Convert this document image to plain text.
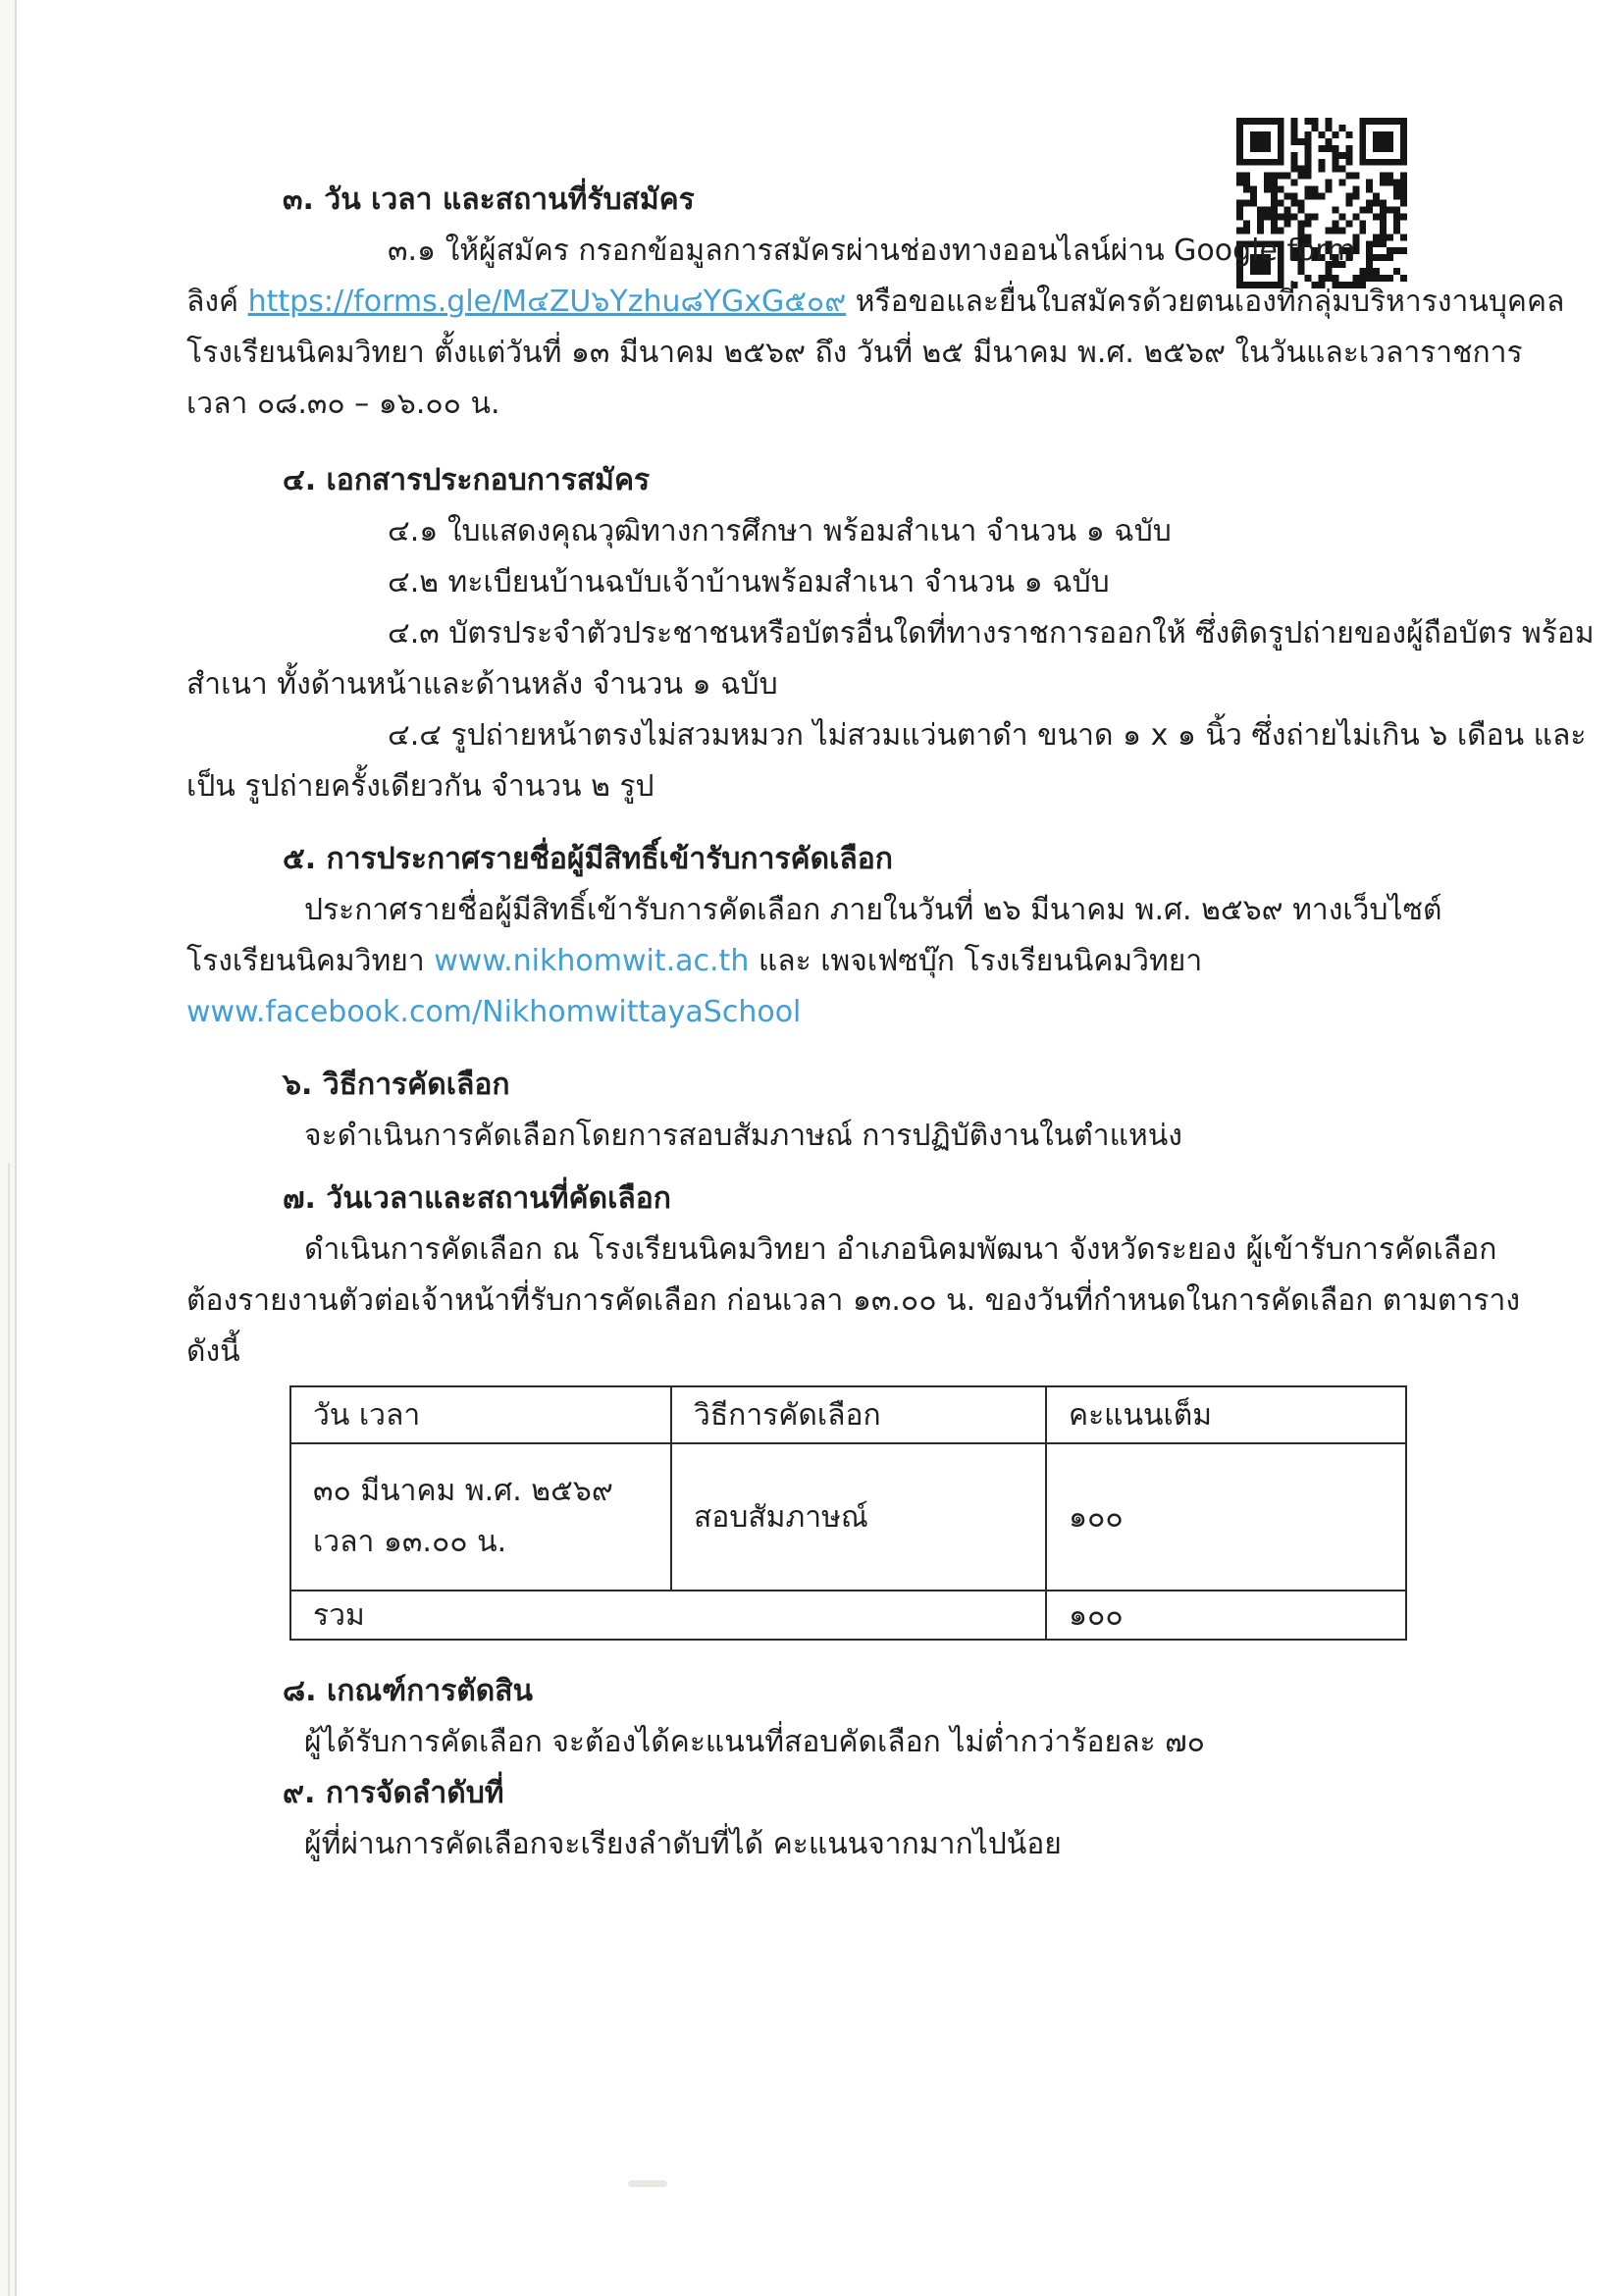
๓. วัน เวลา และสถานที่รับสมัคร

๓.๑ ให้ผู้สมัคร กรอกข้อมูลการสมัครผ่านช่องทางออนไลน์ผ่าน Google form

ลิงค์ https://forms.gle/M๔ZU๖Yzhu๘YGxG๕๐๙ หรือขอและยื่นใบสมัครด้วยตนเองที่กลุ่มบริหารงานบุคคล

โรงเรียนนิคมวิทยา ตั้งแต่วันที่ ๑๓ มีนาคม ๒๕๖๙ ถึง วันที่ ๒๕ มีนาคม พ.ศ. ๒๕๖๙ ในวันและเวลาราชการ

เวลา ๐๘.๓๐ – ๑๖.๐๐ น.

๔. เอกสารประกอบการสมัคร

๔.๑ ใบแสดงคุณวุฒิทางการศึกษา พร้อมสำเนา จำนวน ๑ ฉบับ

๔.๒ ทะเบียนบ้านฉบับเจ้าบ้านพร้อมสำเนา จำนวน ๑ ฉบับ

๔.๓ บัตรประจำตัวประชาชนหรือบัตรอื่นใดที่ทางราชการออกให้ ซึ่งติดรูปถ่ายของผู้ถือบัตร พร้อม

สำเนา ทั้งด้านหน้าและด้านหลัง จำนวน ๑ ฉบับ

๔.๔ รูปถ่ายหน้าตรงไม่สวมหมวก ไม่สวมแว่นตาดำ ขนาด ๑ x ๑ นิ้ว ซึ่งถ่ายไม่เกิน ๖ เดือน และ

เป็น รูปถ่ายครั้งเดียวกัน จำนวน ๒ รูป

๕. การประกาศรายชื่อผู้มีสิทธิ์เข้ารับการคัดเลือก

ประกาศรายชื่อผู้มีสิทธิ์เข้ารับการคัดเลือก ภายในวันที่ ๒๖ มีนาคม พ.ศ. ๒๕๖๙ ทางเว็บไซต์

โรงเรียนนิคมวิทยา www.nikhomwit.ac.th และ เพจเฟซบุ๊ก โรงเรียนนิคมวิทยา

www.facebook.com/NikhomwittayaSchool

๖. วิธีการคัดเลือก

จะดำเนินการคัดเลือกโดยการสอบสัมภาษณ์ การปฏิบัติงานในตำแหน่ง

๗. วันเวลาและสถานที่คัดเลือก

ดำเนินการคัดเลือก ณ โรงเรียนนิคมวิทยา อำเภอนิคมพัฒนา จังหวัดระยอง ผู้เข้ารับการคัดเลือก

ต้องรายงานตัวต่อเจ้าหน้าที่รับการคัดเลือก ก่อนเวลา ๑๓.๐๐ น. ของวันที่กำหนดในการคัดเลือก ตามตาราง

ดังนี้

วัน เวลา	วิธีการคัดเลือก	คะแนนเต็ม

๓๐ มีนาคม พ.ศ. ๒๕๖๙
เวลา ๑๓.๐๐ น.	สอบสัมภาษณ์	๑๐๐
รวม		๑๐๐

๘. เกณฑ์การตัดสิน

ผู้ได้รับการคัดเลือก จะต้องได้คะแนนที่สอบคัดเลือก ไม่ต่ำกว่าร้อยละ ๗๐

๙. การจัดลำดับที่

ผู้ที่ผ่านการคัดเลือกจะเรียงลำดับที่ได้ คะแนนจากมากไปน้อย
